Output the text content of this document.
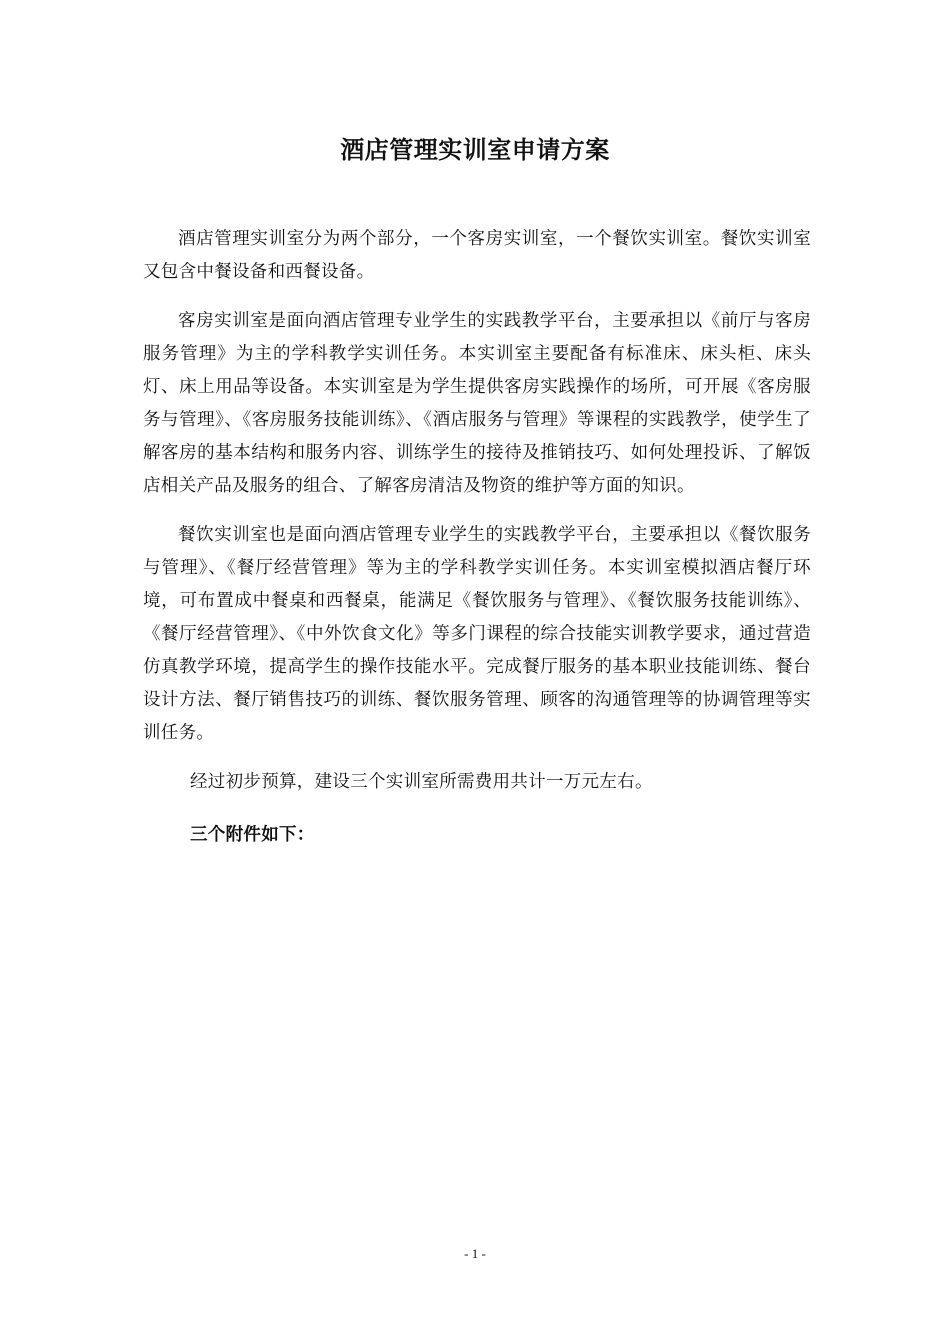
酒店管理实训室申请方案

酒店管理实训室分为两个部分，一个客房实训室，一个餐饮实训室。餐饮实训室又包含中餐设备和西餐设备。

客房实训室是面向酒店管理专业学生的实践教学平台，主要承担以《前厅与客房服务管理》为主的学科教学实训任务。本实训室主要配备有标准床、床头柜、床头灯、床上用品等设备。本实训室是为学生提供客房实践操作的场所，可开展《客房服务与管理》、《客房服务技能训练》、《酒店服务与管理》等课程的实践教学，使学生了解客房的基本结构和服务内容、训练学生的接待及推销技巧、如何处理投诉、了解饭店相关产品及服务的组合、了解客房清洁及物资的维护等方面的知识。

餐饮实训室也是面向酒店管理专业学生的实践教学平台，主要承担以《餐饮服务与管理》、《餐厅经营管理》等为主的学科教学实训任务。本实训室模拟酒店餐厅环境，可布置成中餐桌和西餐桌，能满足《餐饮服务与管理》、《餐饮服务技能训练》、《餐厅经营管理》、《中外饮食文化》等多门课程的综合技能实训教学要求，通过营造仿真教学环境，提高学生的操作技能水平。完成餐厅服务的基本职业技能训练、餐台设计方法、餐厅销售技巧的训练、餐饮服务管理、顾客的沟通管理等的协调管理等实训任务。

经过初步预算，建设三个实训室所需费用共计一万元左右。

三个附件如下：

- 1 -
